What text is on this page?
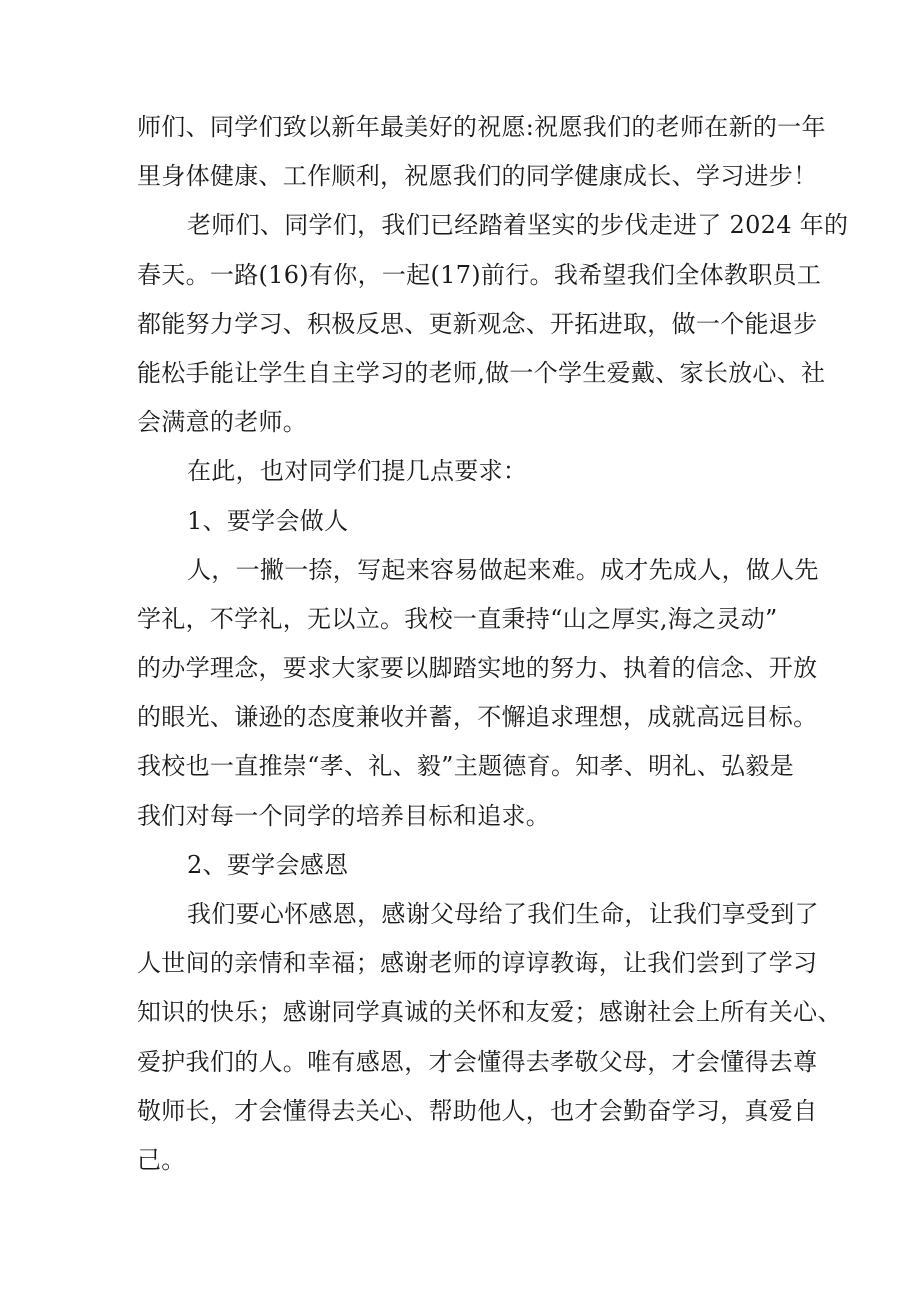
师们、同学们致以新年最美好的祝愿:祝愿我们的老师在新的一年
里身体健康、工作顺利，祝愿我们的同学健康成长、学习进步！
老师们、同学们，我们已经踏着坚实的步伐走进了 2024 年的
春天。一路(16)有你，一起(17)前行。我希望我们全体教职员工
都能努力学习、积极反思、更新观念、开拓进取，做一个能退步
能松手能让学生自主学习的老师,做一个学生爱戴、家长放心、社
会满意的老师。
在此，也对同学们提几点要求：
1、要学会做人
人，一撇一捺，写起来容易做起来难。成才先成人，做人先
学礼，不学礼，无以立。我校一直秉持“山之厚实,海之灵动”
的办学理念，要求大家要以脚踏实地的努力、执着的信念、开放
的眼光、谦逊的态度兼收并蓄，不懈追求理想，成就高远目标。
我校也一直推崇“孝、礼、毅”主题德育。知孝、明礼、弘毅是
我们对每一个同学的培养目标和追求。
2、要学会感恩
我们要心怀感恩，感谢父母给了我们生命，让我们享受到了
人世间的亲情和幸福；感谢老师的谆谆教诲，让我们尝到了学习
知识的快乐；感谢同学真诚的关怀和友爱；感谢社会上所有关心、
爱护我们的人。唯有感恩，才会懂得去孝敬父母，才会懂得去尊
敬师长，才会懂得去关心、帮助他人，也才会勤奋学习，真爱自
己。
